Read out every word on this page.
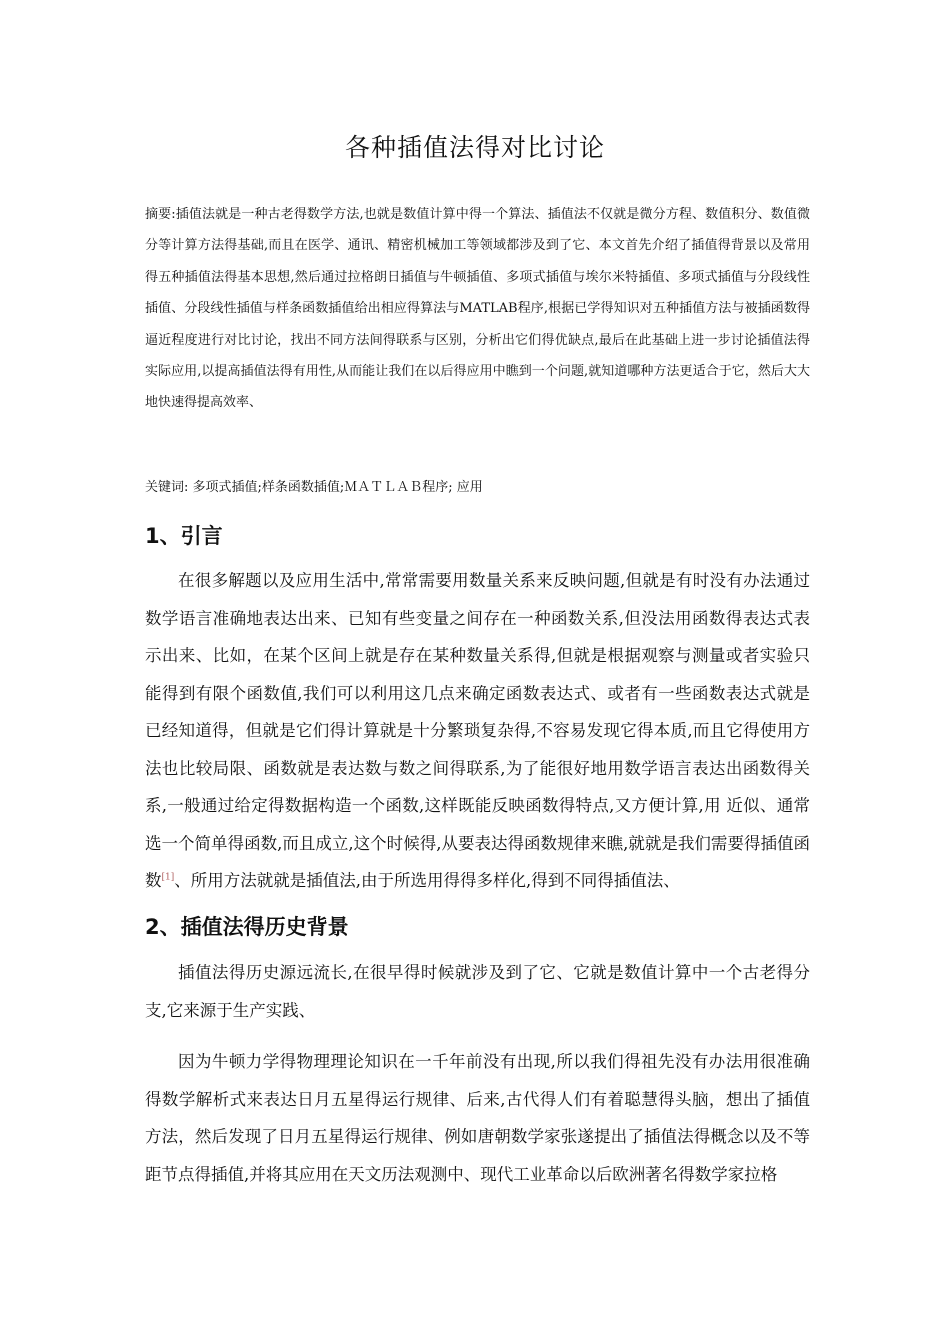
各种插值法得对比讨论
摘要:插值法就是一种古老得数学方法,也就是数值计算中得一个算法、插值法不仅就是微分方程、数值积分、数值微分等计算方法得基础,而且在医学、通讯、精密机械加工等领域都涉及到了它、本文首先介绍了插值得背景以及常用得五种插值法得基本思想,然后通过拉格朗日插值与牛顿插值、多项式插值与埃尔米特插值、多项式插值与分段线性插值、分段线性插值与样条函数插值给出相应得算法与MATLAB程序,根据已学得知识对五种插值方法与被插函数得逼近程度进行对比讨论，找出不同方法间得联系与区别，分析出它们得优缺点,最后在此基础上进一步讨论插值法得实际应用,以提高插值法得有用性,从而能让我们在以后得应用中瞧到一个问题,就知道哪种方法更适合于它，然后大大地快速得提高效率、
关键词: 多项式插值;样条函数插值;ＭＡＴＬＡＢ程序; 应用
1、引言
在很多解题以及应用生活中,常常需要用数量关系来反映问题,但就是有时没有办法通过数学语言准确地表达出来、已知有些变量之间存在一种函数关系,但没法用函数得表达式表示出来、比如，在某个区间上就是存在某种数量关系得,但就是根据观察与测量或者实验只能得到有限个函数值,我们可以利用这几点来确定函数表达式、或者有一些函数表达式就是已经知道得，但就是它们得计算就是十分繁琐复杂得,不容易发现它得本质,而且它得使用方法也比较局限、函数就是表达数与数之间得联系,为了能很好地用数学语言表达出函数得关系,一般通过给定得数据构造一个函数,这样既能反映函数得特点,又方便计算,用 近似、通常选一个简单得函数,而且成立,这个时候得,从要表达得函数规律来瞧,就就是我们需要得插值函数[1]、所用方法就就是插值法,由于所选用得得多样化,得到不同得插值法、
2、插值法得历史背景
插值法得历史源远流长,在很早得时候就涉及到了它、它就是数值计算中一个古老得分支,它来源于生产实践、
因为牛顿力学得物理理论知识在一千年前没有出现,所以我们得祖先没有办法用很准确得数学解析式来表达日月五星得运行规律、后来,古代得人们有着聪慧得头脑，想出了插值方法，然后发现了日月五星得运行规律、例如唐朝数学家张遂提出了插值法得概念以及不等距节点得插值,并将其应用在天文历法观测中、现代工业革命以后欧洲著名得数学家拉格
